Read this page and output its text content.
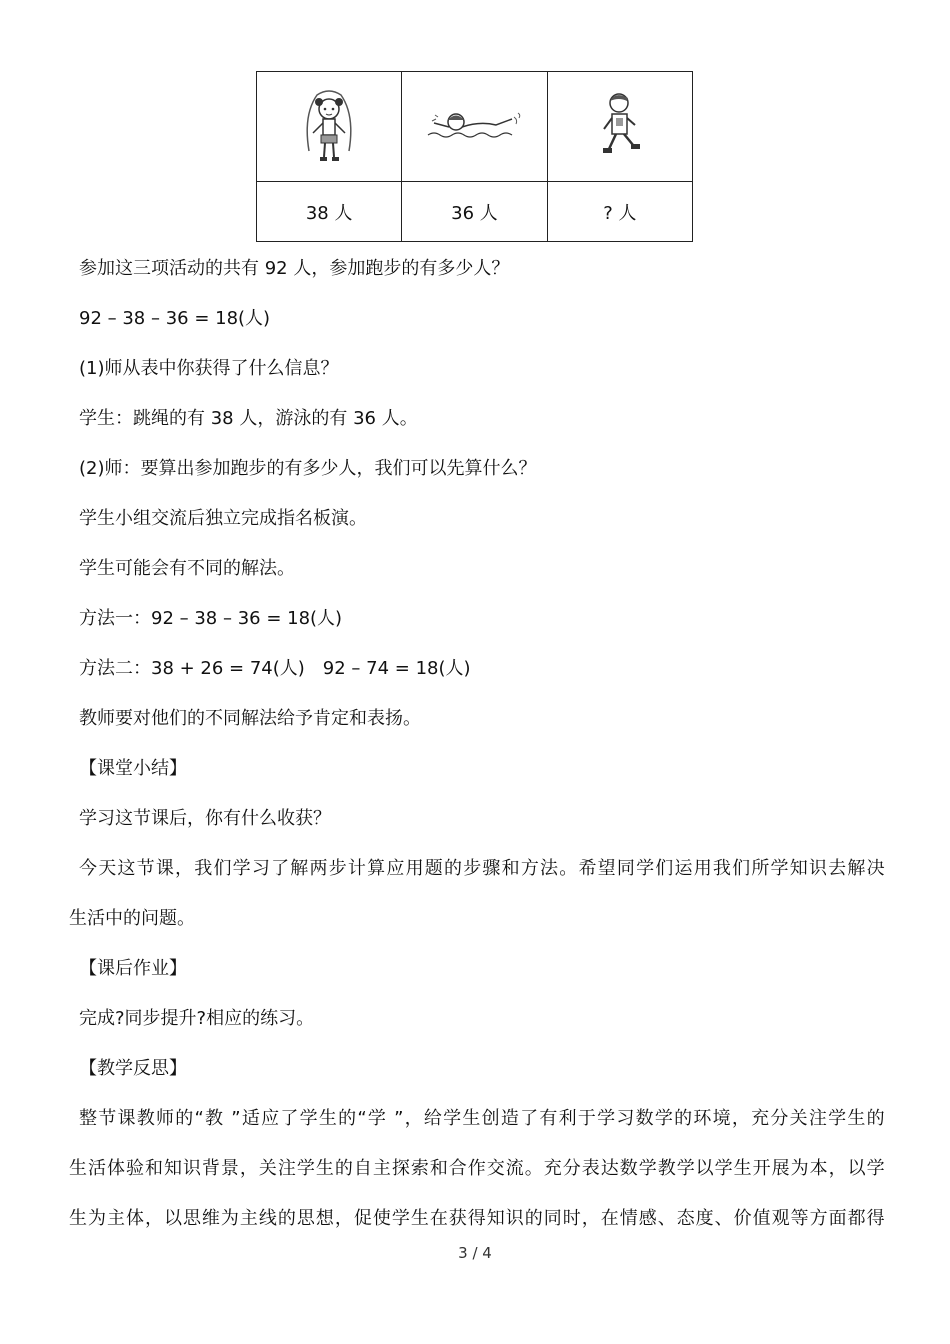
38 人	36 人	? 人
参加这三项活动的共有 92 人，参加跑步的有多少人？
92 – 38 – 36 = 18(人)
(1)师从表中你获得了什么信息？
学生：跳绳的有 38 人，游泳的有 36 人。
(2)师：要算出参加跑步的有多少人，我们可以先算什么？
学生小组交流后独立完成指名板演。
学生可能会有不同的解法。
方法一：92 – 38 – 36 = 18(人)
方法二：38 + 26 = 74(人)　92 – 74 = 18(人)
教师要对他们的不同解法给予肯定和表扬。
【课堂小结】
学习这节课后，你有什么收获？
今天这节课，我们学习了解两步计算应用题的步骤和方法。希望同学们运用我们所学知识去解决
生活中的问题。
【课后作业】
完成?同步提升?相应的练习。
【教学反思】
整节课教师的“教 ”适应了学生的“学 ”，给学生创造了有利于学习数学的环境，充分关注学生的
生活体验和知识背景，关注学生的自主探索和合作交流。充分表达数学教学以学生开展为本，以学
生为主体，以思维为主线的思想，促使学生在获得知识的同时，在情感、态度、价值观等方面都得
3 / 4
